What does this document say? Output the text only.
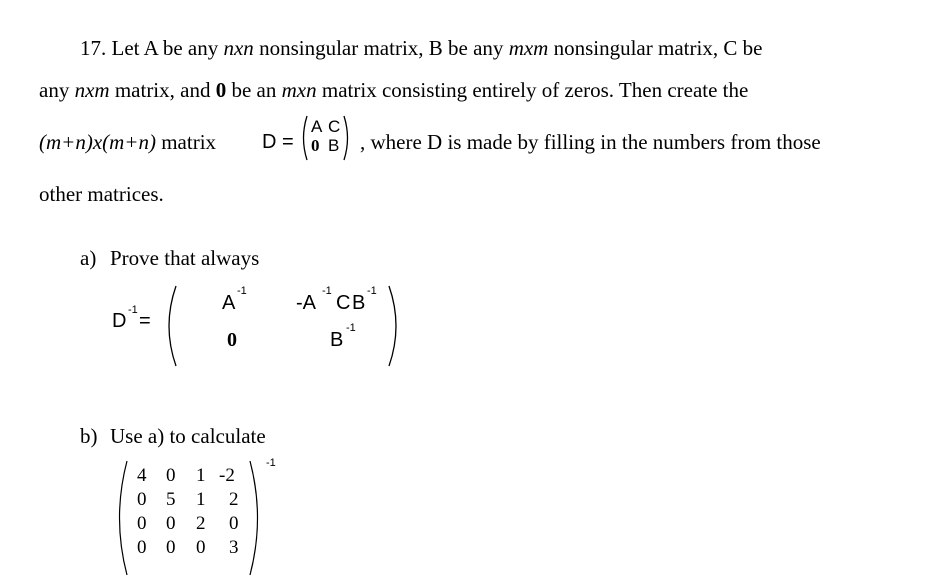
17. Let A be any nxn nonsingular matrix, B be any mxm nonsingular matrix, C be
any nxm matrix, and 0 be an mxn matrix consisting entirely of zeros. Then create the
(m+n)x(m+n) matrix D =
A C
0 B , where D is made by filling in the numbers from those
other matrices.
a) Prove that always
D -1 =
A
-1
-A
-1
C B
-1
0	B
-1
b) Use a) to calculate
4 0 1 -2
0 5 1 2
0 0 2 0
0 0 0 3
-1
